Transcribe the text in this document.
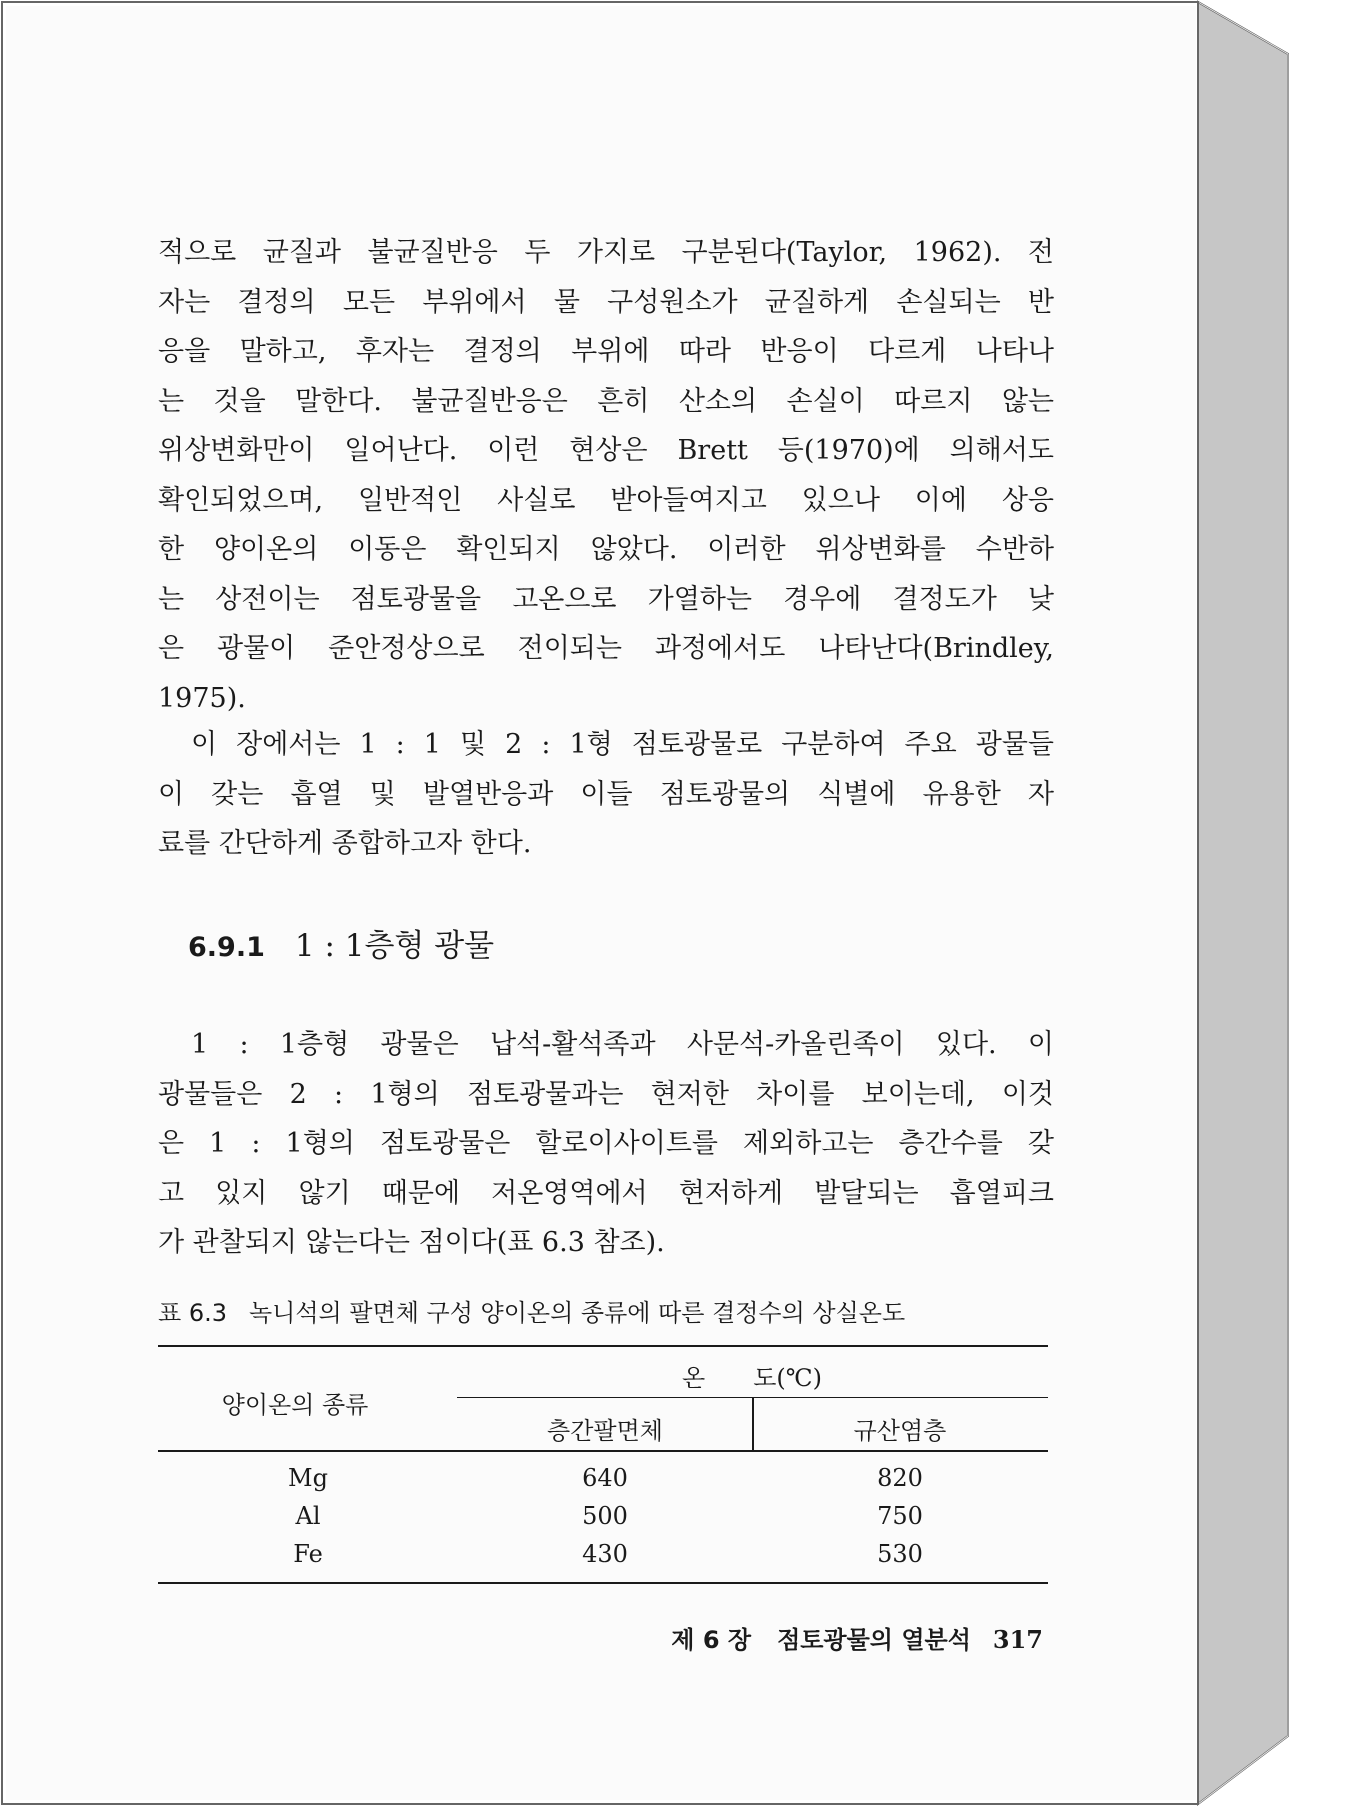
적으로 균질과 불균질반응 두 가지로 구분된다(Taylor, 1962). 전
자는 결정의 모든 부위에서 물 구성원소가 균질하게 손실되는 반
응을 말하고, 후자는 결정의 부위에 따라 반응이 다르게 나타나
는 것을 말한다. 불균질반응은 흔히 산소의 손실이 따르지 않는
위상변화만이 일어난다. 이런 현상은 Brett 등(1970)에 의해서도
확인되었으며, 일반적인 사실로 받아들여지고 있으나 이에 상응
한 양이온의 이동은 확인되지 않았다. 이러한 위상변화를 수반하
는 상전이는 점토광물을 고온으로 가열하는 경우에 결정도가 낮
은 광물이 준안정상으로 전이되는 과정에서도 나타난다(Brindley,
1975).
이 장에서는 1 : 1 및 2 : 1형 점토광물로 구분하여 주요 광물들
이 갖는 흡열 및 발열반응과 이들 점토광물의 식별에 유용한 자
료를 간단하게 종합하고자 한다.
6.9.1 1 : 1층형 광물
1 : 1층형 광물은 납석-활석족과 사문석-카올린족이 있다. 이
광물들은 2 : 1형의 점토광물과는 현저한 차이를 보이는데, 이것
은 1 : 1형의 점토광물은 할로이사이트를 제외하고는 층간수를 갖
고 있지 않기 때문에 저온영역에서 현저하게 발달되는 흡열피크
가 관찰되지 않는다는 점이다(표 6.3 참조).
표 6.3 녹니석의 팔면체 구성 양이온의 종류에 따른 결정수의 상실온도
양이온의 종류
온　　도(℃)
층간팔면체	규산염층
Mg	640	820
Al	500	750
Fe	430	530
제 6 장 점토광물의 열분석 317
